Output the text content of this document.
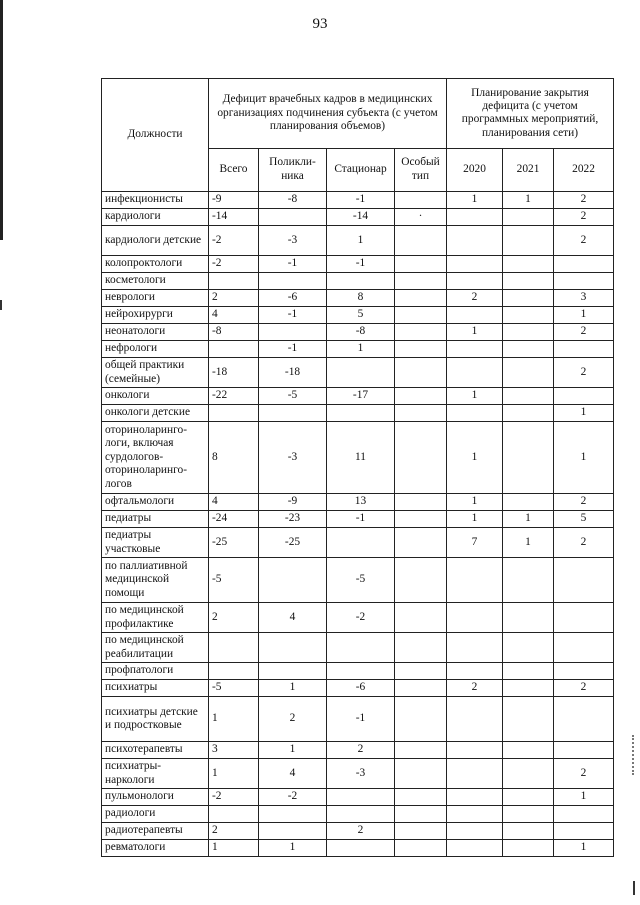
93
Должности	Дефицит врачебных кадров в медицинских организациях подчинения субъекта (с учетом планирования объемов)				Планирование закрытия дефицита (с учетом программных мероприятий, планирования сети)		
	Всего	Поликли-ника	Стационар	Особый тип	2020	2021	2022
инфекционисты	-9	-8	-1		1	1	2
кардиологи	-14		-14	·			2
кардиологи детские	-2	-3	1				2
колопроктологи	-2	-1	-1				
косметологи							
неврологи	2	-6	8		2		3
нейрохирурги	4	-1	5				1
неонатологи	-8		-8		1		2
нефрологи		-1	1				
общей практики (семейные)	-18	-18					2
онкологи	-22	-5	-17		1		
онкологи детские							1
оториноларинго-логи, включая сурдологов-оториноларинго-логов	8	-3	11		1		1
офтальмологи	4	-9	13		1		2
педиатры	-24	-23	-1		1	1	5
педиатры участковые	-25	-25			7	1	2
по паллиативной медицинской помощи	-5		-5				
по медицинской профилактике	2	4	-2				
по медицинской реабилитации							
профпатологи							
психиатры	-5	1	-6		2		2
психиатры детские и подростковые	1	2	-1				
психотерапевты	3	1	2				
психиатры-наркологи	1	4	-3				2
пульмонологи	-2	-2					1
радиологи							
радиотерапевты	2		2				
ревматологи	1	1					1
